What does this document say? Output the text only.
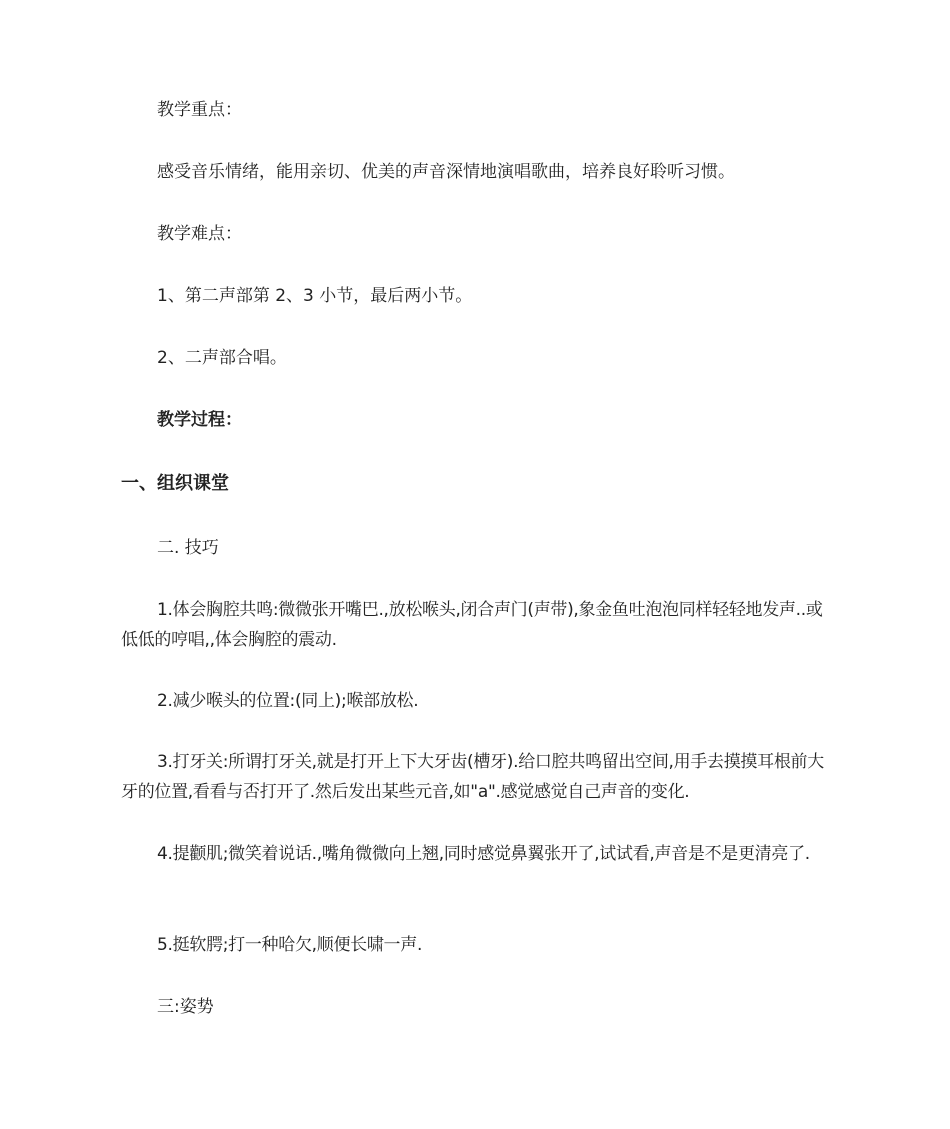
教学重点：

感受音乐情绪，能用亲切、优美的声音深情地演唱歌曲，培养良好聆听习惯。

教学难点：

1、第二声部第 2、3 小节，最后两小节。

2、二声部合唱。

教学过程：

一、组织课堂

二. 技巧

1.体会胸腔共鸣:微微张开嘴巴.,放松喉头,闭合声门(声带),象金鱼吐泡泡同样轻轻地发声..或低低的哼唱,,体会胸腔的震动.

2.减少喉头的位置:(同上);喉部放松.

3.打牙关:所谓打牙关,就是打开上下大牙齿(槽牙).给口腔共鸣留出空间,用手去摸摸耳根前大牙的位置,看看与否打开了.然后发出某些元音,如"a".感觉感觉自己声音的变化.

4.提颧肌;微笑着说话.,嘴角微微向上翘,同时感觉鼻翼张开了,试试看,声音是不是更清亮了.

5.挺软腭;打一种哈欠,顺便长啸一声.

三:姿势
